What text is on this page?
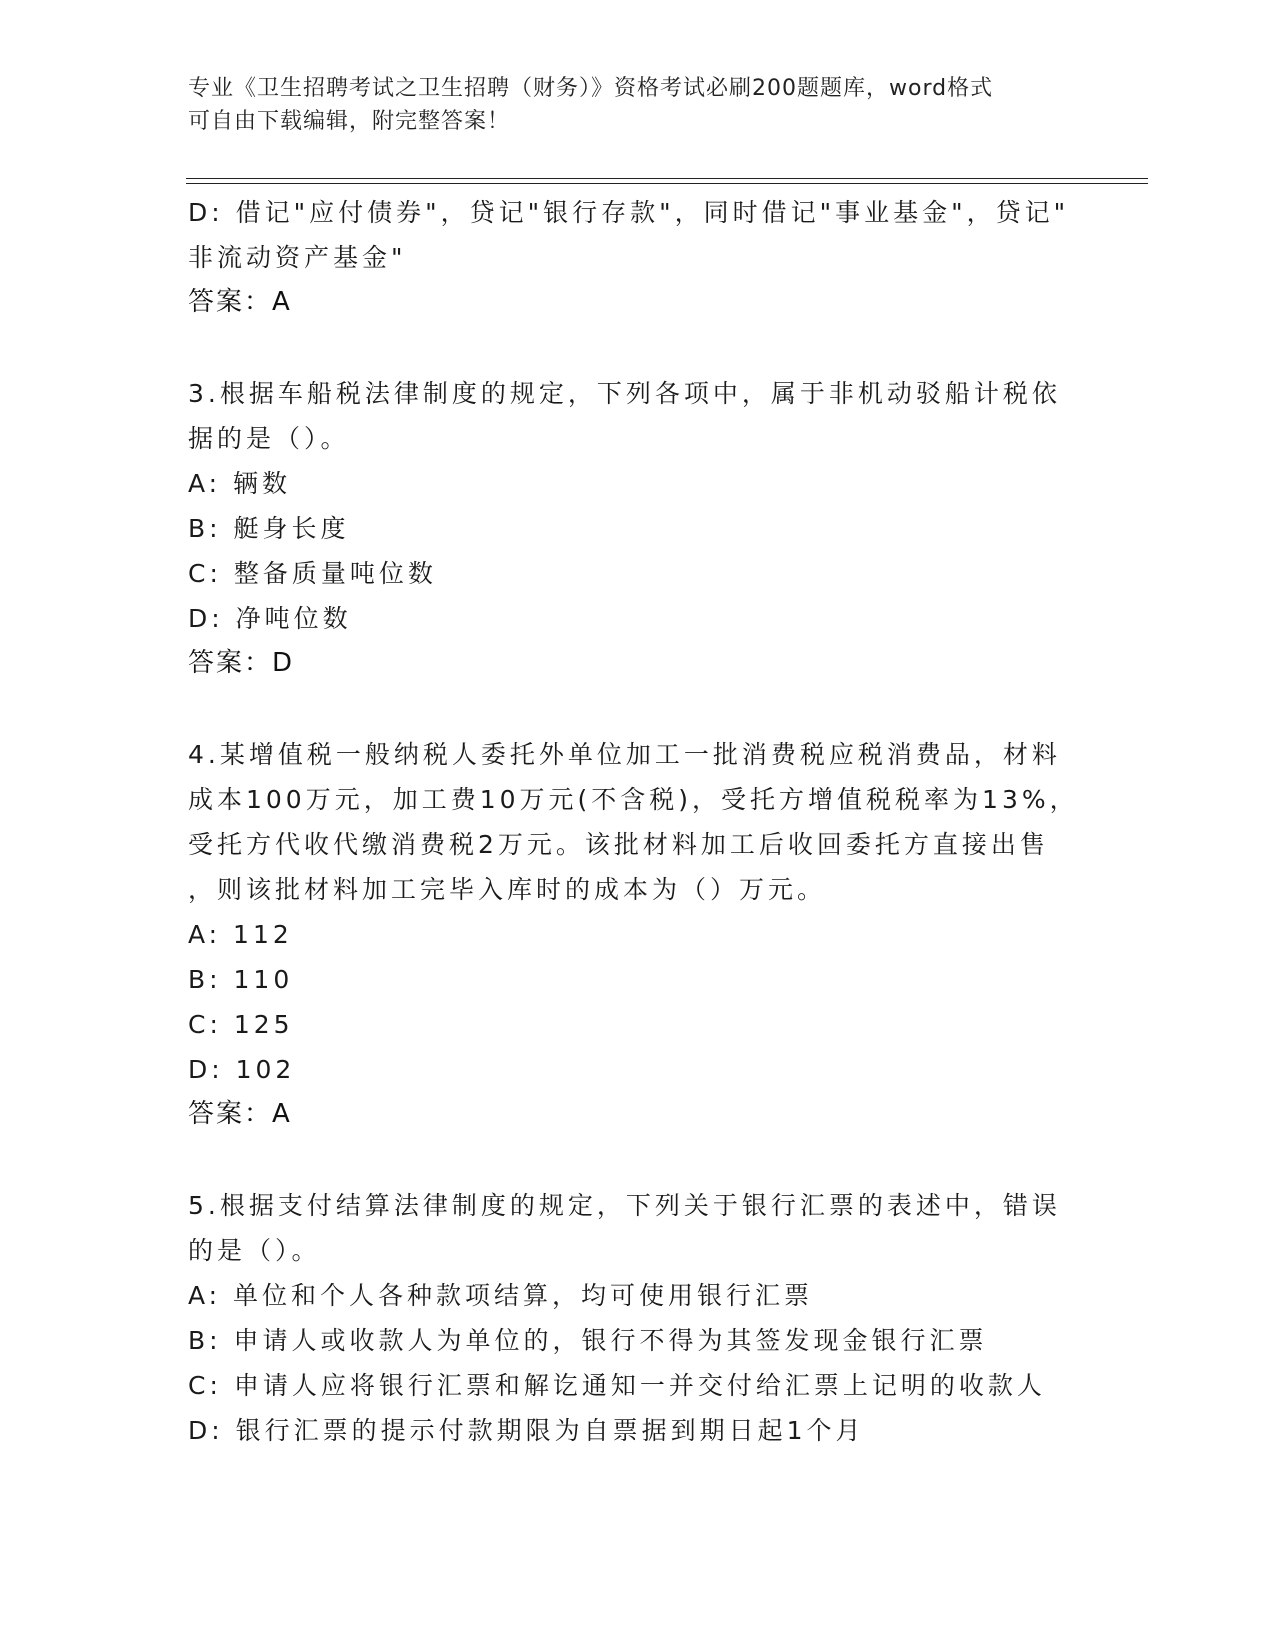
专业《卫生招聘考试之卫生招聘（财务）》资格考试必刷200题题库，word格式
可自由下载编辑，附完整答案！
D: 借记"应付债券"，贷记"银行存款"，同时借记"事业基金"，贷记"
非流动资产基金"
答案：A
3.根据车船税法律制度的规定，下列各项中，属于非机动驳船计税依
据的是（）。
A: 辆数
B: 艇身长度
C: 整备质量吨位数
D: 净吨位数
答案：D
4.某增值税一般纳税人委托外单位加工一批消费税应税消费品，材料
成本100万元，加工费10万元(不含税)，受托方增值税税率为13%，
受托方代收代缴消费税2万元。该批材料加工后收回委托方直接出售
，则该批材料加工完毕入库时的成本为（）万元。
A: 112
B: 110
C: 125
D: 102
答案：A
5.根据支付结算法律制度的规定，下列关于银行汇票的表述中，错误
的是（）。
A: 单位和个人各种款项结算，均可使用银行汇票
B: 申请人或收款人为单位的，银行不得为其签发现金银行汇票
C: 申请人应将银行汇票和解讫通知一并交付给汇票上记明的收款人
D: 银行汇票的提示付款期限为自票据到期日起1个月
